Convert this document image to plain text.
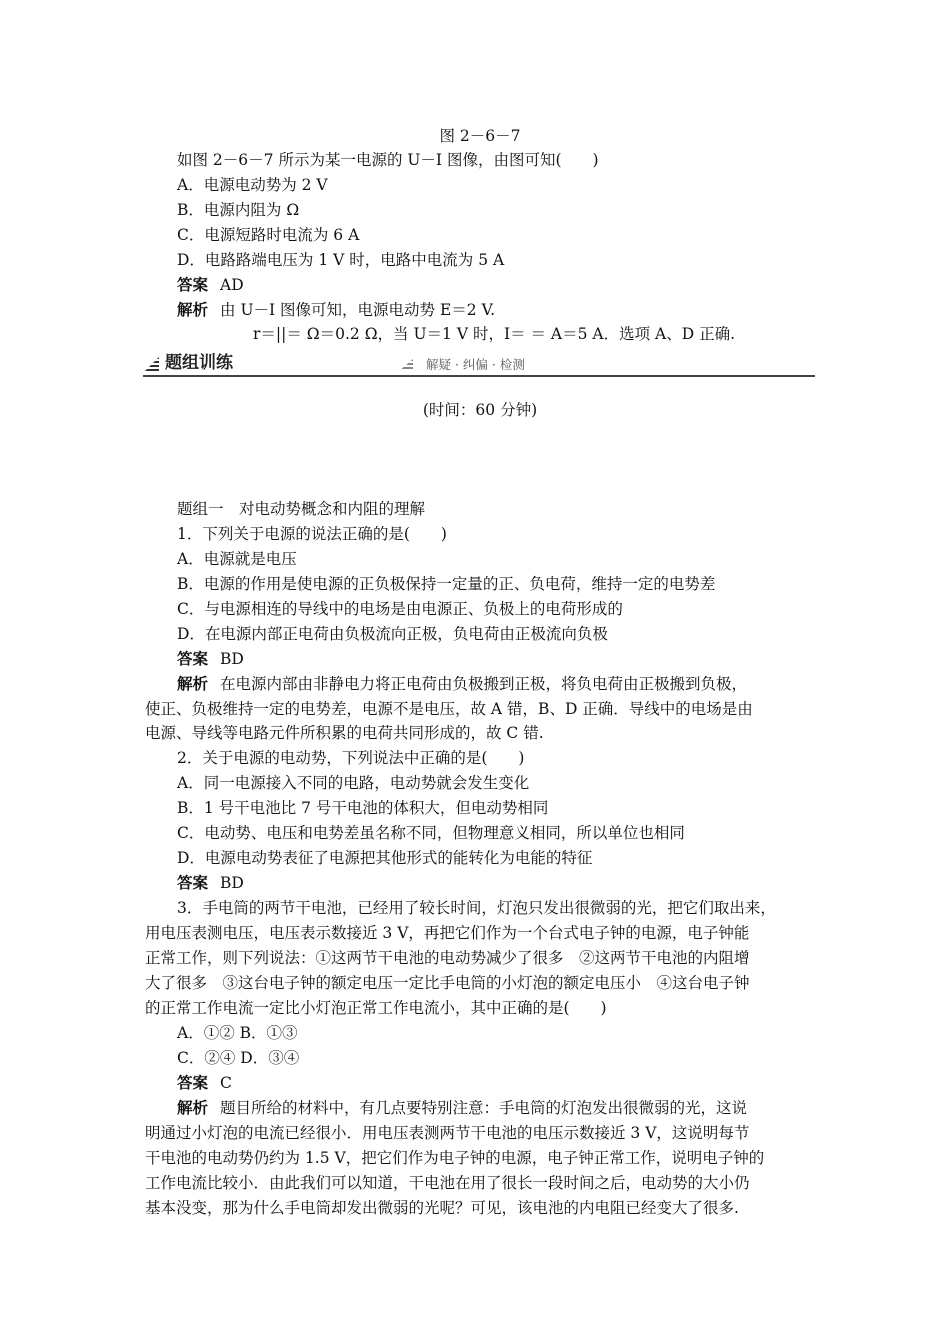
图 2－6－7
如图 2－6－7 所示为某一电源的 U－I 图像，由图可知(　　)
A．电源电动势为 2 V
B．电源内阻为 Ω
C．电源短路时电流为 6 A
D．电路路端电压为 1 V 时，电路中电流为 5 A
答案 AD
解析 由 U－I 图像可知，电源电动势 E＝2 V.
r＝||＝ Ω＝0.2 Ω，当 U＝1 V 时，I＝ ＝ A＝5 A．选项 A、D 正确.
题组训练	解疑 · 纠偏 · 检测
(时间：60 分钟)
题组一　对电动势概念和内阻的理解
1．下列关于电源的说法正确的是(　　)
A．电源就是电压
B．电源的作用是使电源的正负极保持一定量的正、负电荷，维持一定的电势差
C．与电源相连的导线中的电场是由电源正、负极上的电荷形成的
D．在电源内部正电荷由负极流向正极，负电荷由正极流向负极
答案 BD
解析 在电源内部由非静电力将正电荷由负极搬到正极，将负电荷由正极搬到负极，
使正、负极维持一定的电势差，电源不是电压，故 A 错，B、D 正确．导线中的电场是由
电源、导线等电路元件所积累的电荷共同形成的，故 C 错.
2．关于电源的电动势，下列说法中正确的是(　　)
A．同一电源接入不同的电路，电动势就会发生变化
B．1 号干电池比 7 号干电池的体积大，但电动势相同
C．电动势、电压和电势差虽名称不同，但物理意义相同，所以单位也相同
D．电源电动势表征了电源把其他形式的能转化为电能的特征
答案 BD
3．手电筒的两节干电池，已经用了较长时间，灯泡只发出很微弱的光，把它们取出来，
用电压表测电压，电压表示数接近 3 V，再把它们作为一个台式电子钟的电源，电子钟能
正常工作，则下列说法：①这两节干电池的电动势减少了很多　②这两节干电池的内阻增
大了很多　③这台电子钟的额定电压一定比手电筒的小灯泡的额定电压小　④这台电子钟
的正常工作电流一定比小灯泡正常工作电流小，其中正确的是(　　)
A．①② B．①③
C．②④ D．③④
答案 C
解析 题目所给的材料中，有几点要特别注意：手电筒的灯泡发出很微弱的光，这说
明通过小灯泡的电流已经很小．用电压表测两节干电池的电压示数接近 3 V，这说明每节
干电池的电动势仍约为 1.5 V，把它们作为电子钟的电源，电子钟正常工作，说明电子钟的
工作电流比较小．由此我们可以知道，干电池在用了很长一段时间之后，电动势的大小仍
基本没变，那为什么手电筒却发出微弱的光呢？可见，该电池的内电阻已经变大了很多.
